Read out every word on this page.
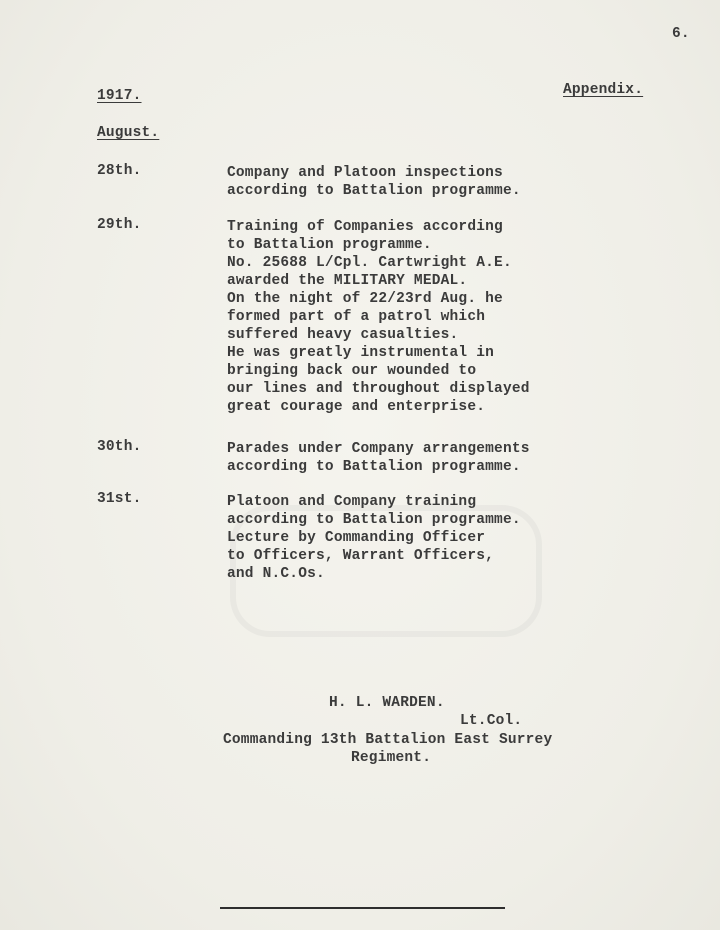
6.
1917.	Appendix.
August.
28th.	Company and Platoon inspections
according to Battalion programme.
29th.	Training of Companies according
to Battalion programme.
No. 25688 L/Cpl. Cartwright A.E.
awarded the MILITARY MEDAL.
On the night of 22/23rd Aug. he
formed part of a patrol which
suffered heavy casualties.
He was greatly instrumental in
bringing back our wounded to
our lines and throughout displayed
great courage and enterprise.
30th.	Parades under Company arrangements
according to Battalion programme.
31st.	Platoon and Company training
according to Battalion programme.
Lecture by Commanding Officer
to Officers, Warrant Officers,
and N.C.Os.
H. L. WARDEN.
Lt.Col.
Commanding 13th Battalion East Surrey
Regiment.
